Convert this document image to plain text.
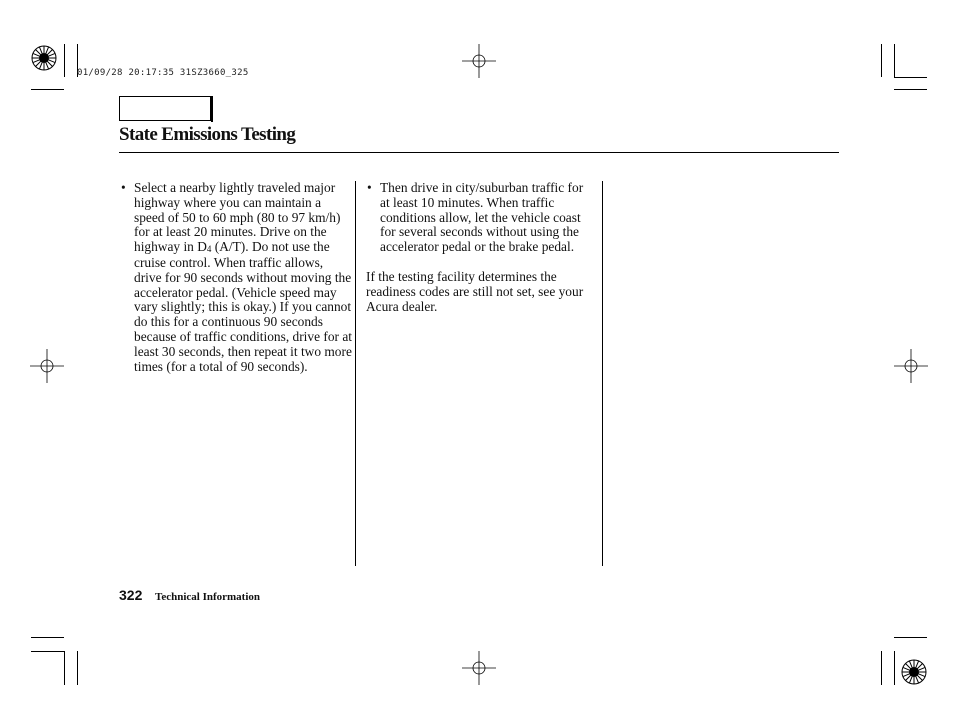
01/09/28 20:17:35 31SZ3660_325
State Emissions Testing
• Select a nearby lightly traveled major highway where you can maintain a speed of 50 to 60 mph (80 to 97 km/h) for at least 20 minutes. Drive on the highway in $D_4$ (A/T). Do not use the cruise control. When traffic allows, drive for 90 seconds without moving the accelerator pedal. (Vehicle speed may vary slightly; this is okay.) If you cannot do this for a continuous 90 seconds because of traffic conditions, drive for at least 30 seconds, then repeat it two more times (for a total of 90 seconds).
• Then drive in city/suburban traffic for at least 10 minutes. When traffic conditions allow, let the vehicle coast for several seconds without using the accelerator pedal or the brake pedal.
If the testing facility determines the readiness codes are still not set, see your Acura dealer.
322 Technical Information
